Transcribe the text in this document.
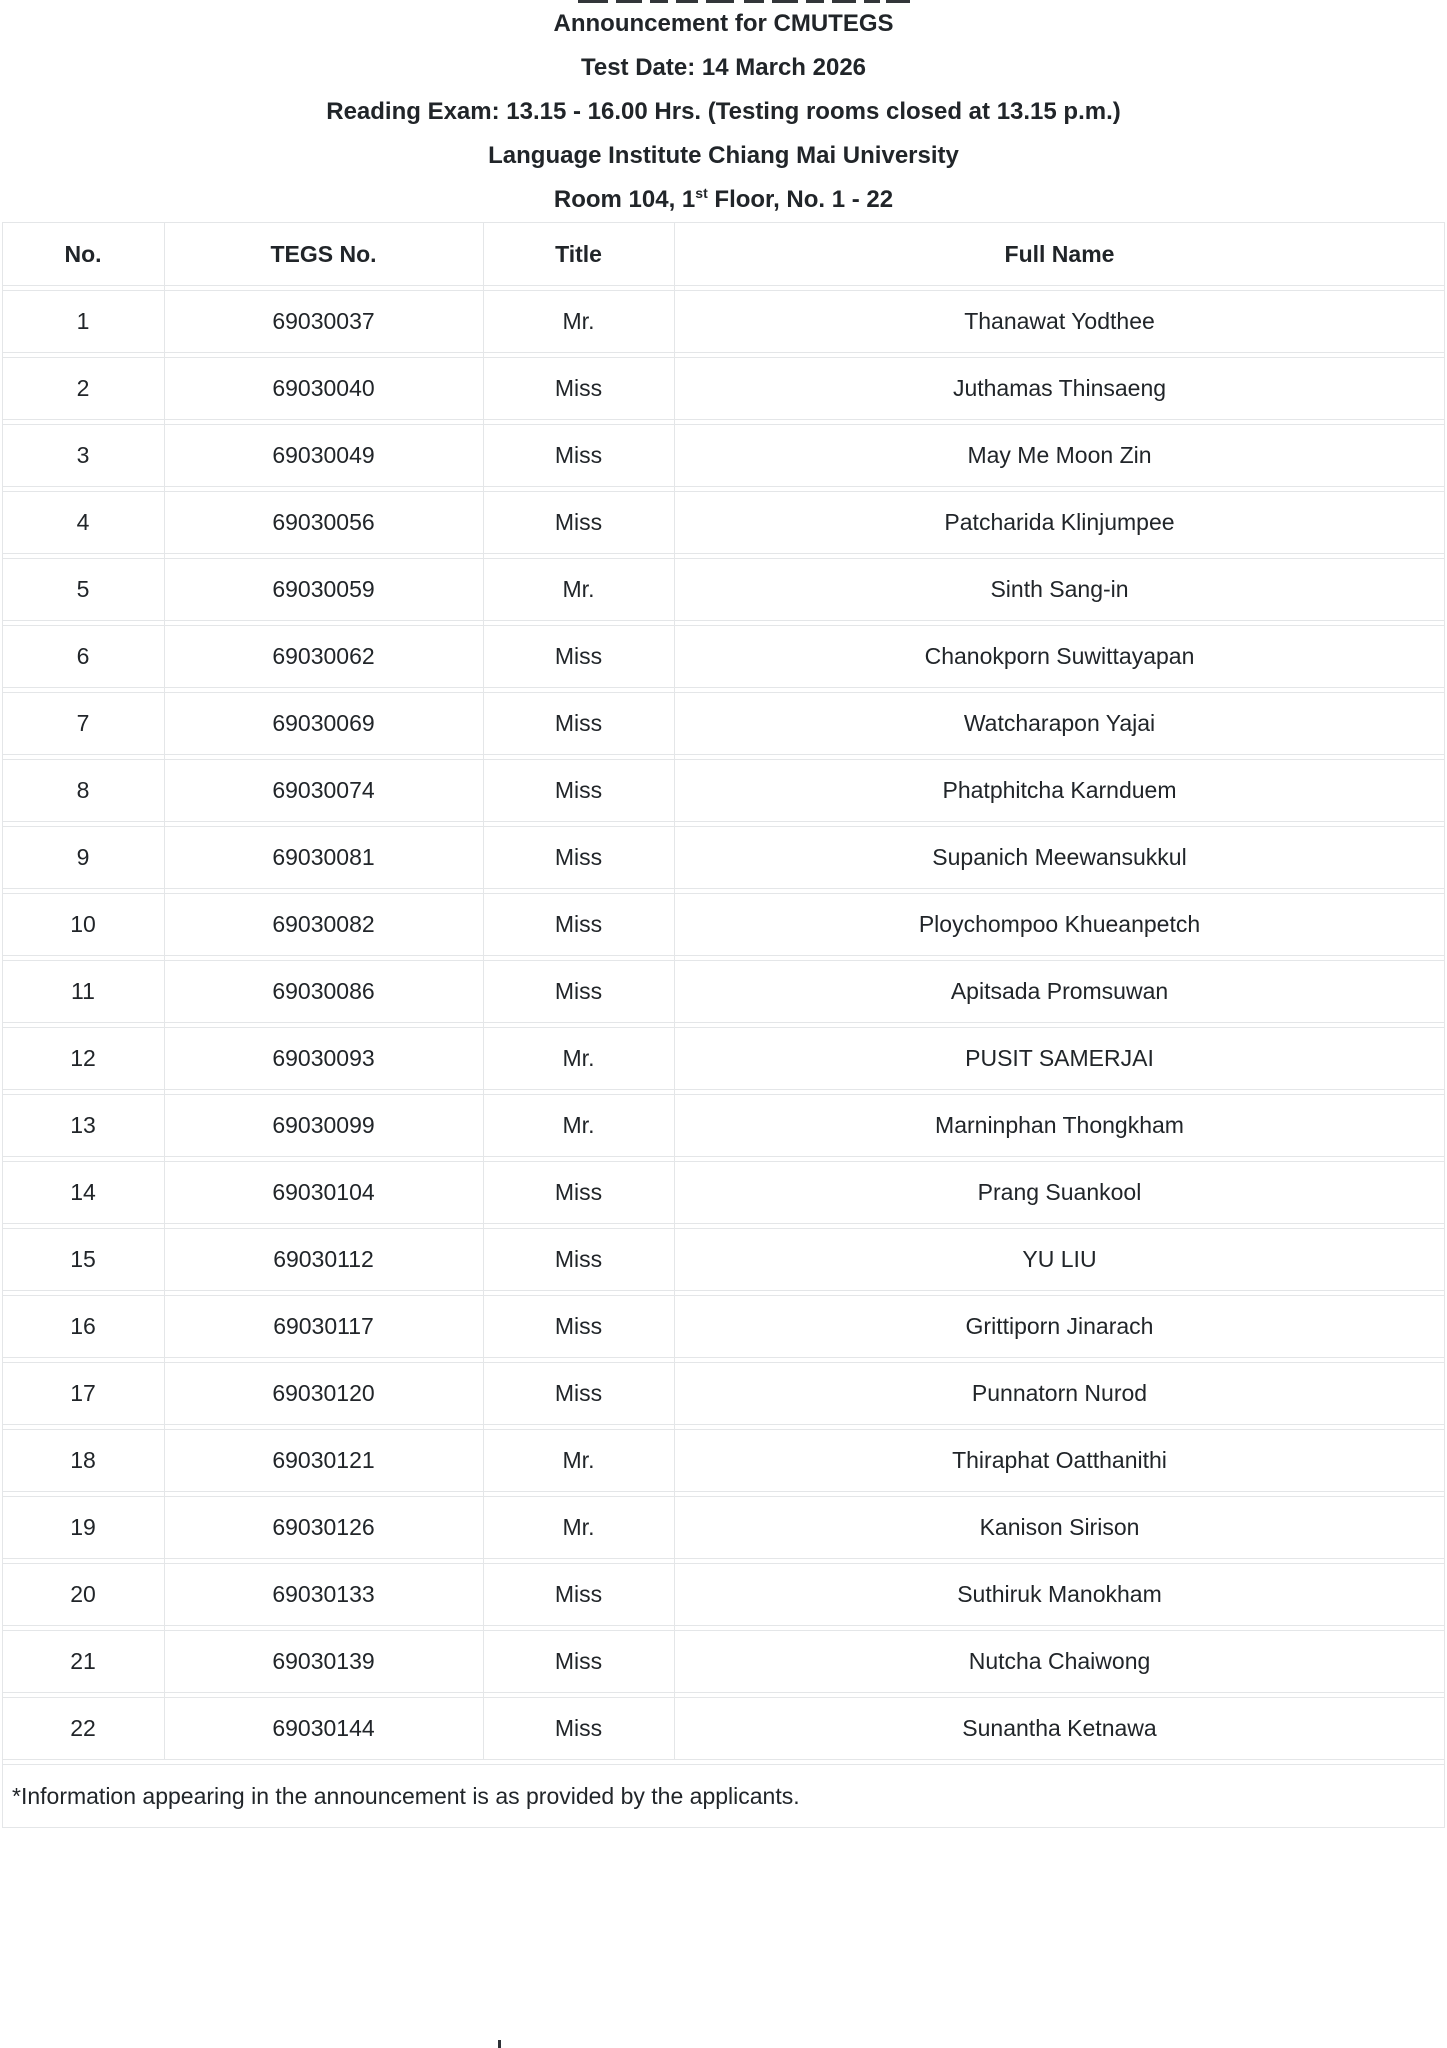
Announcement for CMUTEGS
Test Date: 14 March 2026
Reading Exam: 13.15 - 16.00 Hrs. (Testing rooms closed at 13.15 p.m.)
Language Institute Chiang Mai University
Room 104, 1st Floor, No. 1 - 22
No.	TEGS No.	Title	Full Name
1	69030037	Mr.	Thanawat Yodthee
2	69030040	Miss	Juthamas Thinsaeng
3	69030049	Miss	May Me Moon Zin
4	69030056	Miss	Patcharida Klinjumpee
5	69030059	Mr.	Sinth Sang-in
6	69030062	Miss	Chanokporn Suwittayapan
7	69030069	Miss	Watcharapon Yajai
8	69030074	Miss	Phatphitcha Karnduem
9	69030081	Miss	Supanich Meewansukkul
10	69030082	Miss	Ploychompoo Khueanpetch
11	69030086	Miss	Apitsada Promsuwan
12	69030093	Mr.	PUSIT SAMERJAI
13	69030099	Mr.	Marninphan Thongkham
14	69030104	Miss	Prang Suankool
15	69030112	Miss	YU LIU
16	69030117	Miss	Grittiporn Jinarach
17	69030120	Miss	Punnatorn Nurod
18	69030121	Mr.	Thiraphat Oatthanithi
19	69030126	Mr.	Kanison Sirison
20	69030133	Miss	Suthiruk Manokham
21	69030139	Miss	Nutcha Chaiwong
22	69030144	Miss	Sunantha Ketnawa
*Information appearing in the announcement is as provided by the applicants.
